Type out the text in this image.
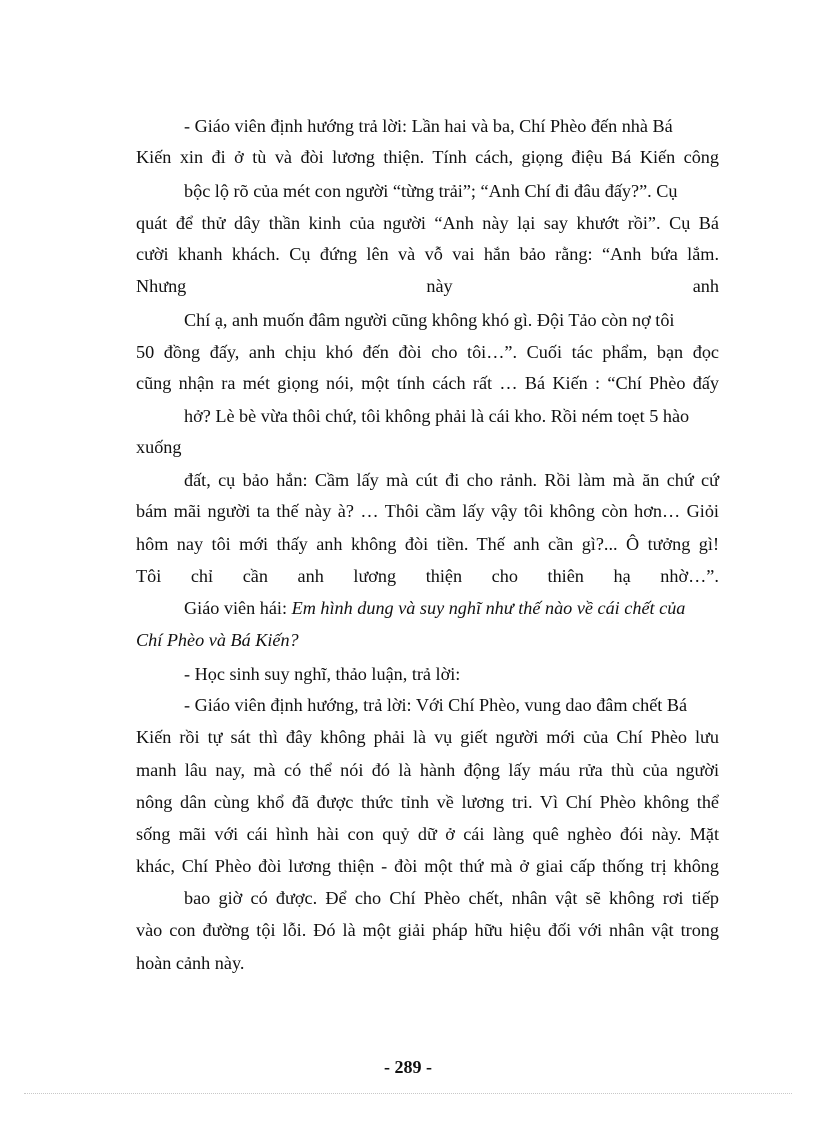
- Giáo viên định hướng trả lời: Lần hai và ba, Chí Phèo đến nhà Bá
Kiến xin đi ở tù và đòi lương thiện. Tính cách, giọng điệu Bá Kiến công
bộc lộ rõ của mét con người “từng trải”; “Anh Chí đi đâu đấy?”. Cụ
quát để thử dây thần kinh của người “Anh này lại say khướt rồi”. Cụ Bá
cười khanh khách. Cụ đứng lên và vỗ vai hắn bảo rằng: “Anh bứa lắm.
Nhưng	này	anh
Chí ạ, anh muốn đâm người cũng không khó gì. Đội Tảo còn nợ tôi
50 đồng đấy, anh chịu khó đến đòi cho tôi…”. Cuối tác phẩm, bạn đọc
cũng nhận ra mét giọng nói, một tính cách rất … Bá Kiến : “Chí Phèo đấy
hở? Lè bè vừa thôi chứ, tôi không phải là cái kho. Rồi ném toẹt 5 hào
xuống
đất, cụ bảo hắn: Cầm lấy mà cút đi cho rảnh. Rồi làm mà ăn chứ cứ
bám mãi người ta thế này à? … Thôi cầm lấy vậy tôi không còn hơn… Giỏi
hôm nay tôi mới thấy anh không đòi tiền. Thế anh cần gì?... Ô tưởng gì!
Tôi chỉ cần anh lương thiện cho thiên hạ nhờ…”.
Giáo viên hái: Em hình dung và suy nghĩ như thế nào về cái chết của
Chí Phèo và Bá Kiến?
- Học sinh suy nghĩ, thảo luận, trả lời:
- Giáo viên định hướng, trả lời: Với Chí Phèo, vung dao đâm chết Bá
Kiến rồi tự sát thì đây không phải là vụ giết người mới của Chí Phèo lưu
manh lâu nay, mà có thể nói đó là hành động lấy máu rửa thù của người
nông dân cùng khổ đã được thức tỉnh về lương tri. Vì Chí Phèo không thể
sống mãi với cái hình hài con quỷ dữ ở cái làng quê nghèo đói này. Mặt
khác, Chí Phèo đòi lương thiện - đòi một thứ mà ở giai cấp thống trị không
bao giờ có được. Để cho Chí Phèo chết, nhân vật sẽ không rơi tiếp
vào con đường tội lỗi. Đó là một giải pháp hữu hiệu đối với nhân vật trong
hoàn cảnh này.
- 289 -
